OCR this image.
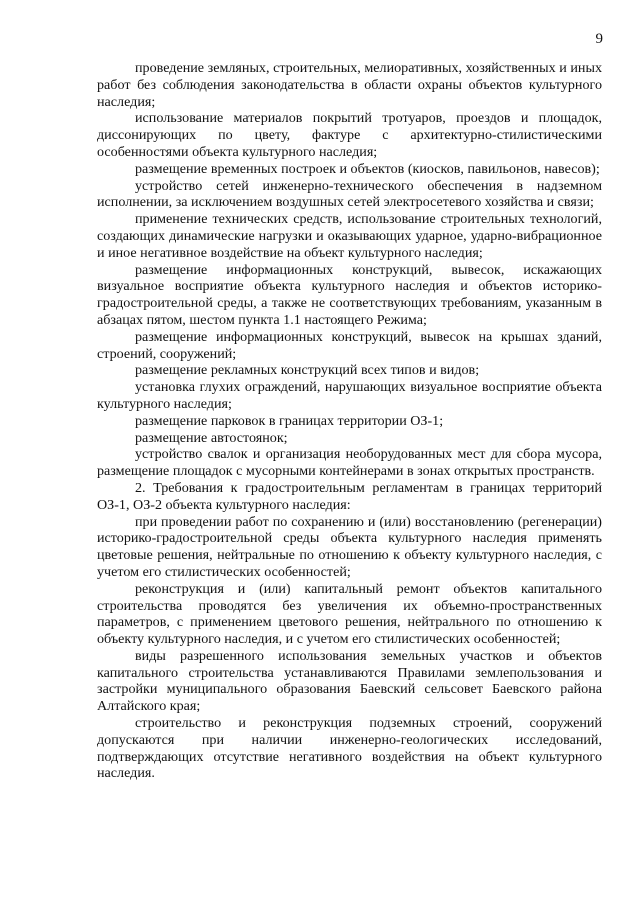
9

проведение земляных, строительных, мелиоративных, хозяйственных и иных работ без соблюдения законодательства в области охраны объектов культурного наследия;

использование материалов покрытий тротуаров, проездов и площадок, диссонирующих по цвету, фактуре с архитектурно-стилистическими особенностями объекта культурного наследия;

размещение временных построек и объектов (киосков, павильонов, навесов);

устройство сетей инженерно-технического обеспечения в надземном исполнении, за исключением воздушных сетей электросетевого хозяйства и связи;

применение технических средств, использование строительных технологий, создающих динамические нагрузки и оказывающих ударное, ударно-вибрационное и иное негативное воздействие на объект культурного наследия;

размещение информационных конструкций, вывесок, искажающих визуальное восприятие объекта культурного наследия и объектов историко-градостроительной среды, а также не соответствующих требованиям, указанным в абзацах пятом, шестом пункта 1.1 настоящего Режима;

размещение информационных конструкций, вывесок на крышах зданий, строений, сооружений;

размещение рекламных конструкций всех типов и видов;

установка глухих ограждений, нарушающих визуальное восприятие объекта культурного наследия;

размещение парковок в границах территории ОЗ-1;

размещение автостоянок;

устройство свалок и организация необорудованных мест для сбора мусора, размещение площадок с мусорными контейнерами в зонах открытых пространств.

2. Требования к градостроительным регламентам в границах территорий ОЗ-1, ОЗ-2 объекта культурного наследия:

при проведении работ по сохранению и (или) восстановлению (регенерации) историко-градостроительной среды объекта культурного наследия применять цветовые решения, нейтральные по отношению к объекту культурного наследия, с учетом его стилистических особенностей;

реконструкция и (или) капитальный ремонт объектов капитального строительства проводятся без увеличения их объемно-пространственных параметров, с применением цветового решения, нейтрального по отношению к объекту культурного наследия, и с учетом его стилистических особенностей;

виды разрешенного использования земельных участков и объектов капитального строительства устанавливаются Правилами землепользования и застройки муниципального образования Баевский сельсовет Баевского района Алтайского края;

строительство и реконструкция подземных строений, сооружений допускаются при наличии инженерно-геологических исследований, подтверждающих отсутствие негативного воздействия на объект культурного наследия.
